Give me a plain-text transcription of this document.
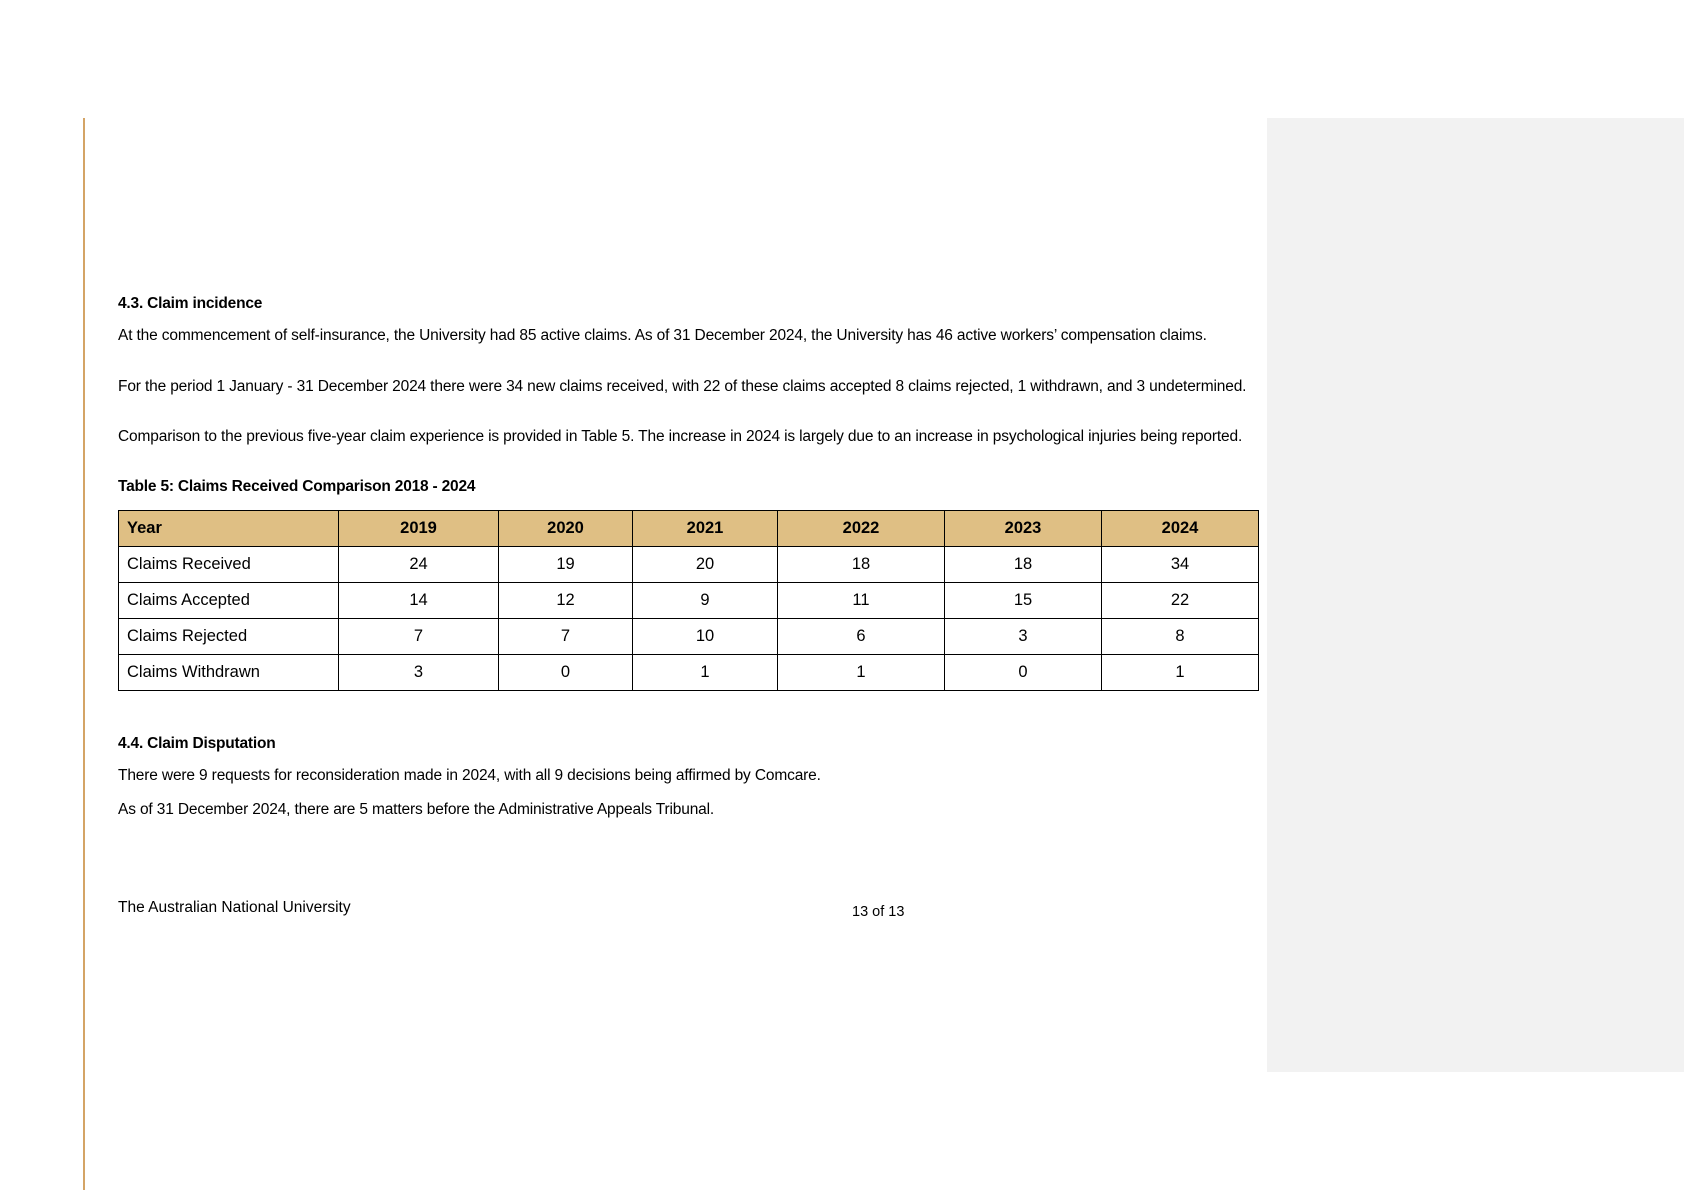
4.3. Claim incidence
At the commencement of self-insurance, the University had 85 active claims. As of 31 December 2024, the University has 46 active workers’ compensation claims.
For the period 1 January - 31 December 2024 there were 34 new claims received, with 22 of these claims accepted 8 claims rejected, 1 withdrawn, and 3 undetermined.
Comparison to the previous five-year claim experience is provided in Table 5. The increase in 2024 is largely due to an increase in psychological injuries being reported.
Table 5: Claims Received Comparison 2018 - 2024
Year	2019	2020	2021	2022	2023	2024
Claims Received	24	19	20	18	18	34
Claims Accepted	14	12	9	11	15	22
Claims Rejected	7	7	10	6	3	8
Claims Withdrawn	3	0	1	1	0	1
4.4. Claim Disputation
There were 9 requests for reconsideration made in 2024, with all 9 decisions being affirmed by Comcare.
As of 31 December 2024, there are 5 matters before the Administrative Appeals Tribunal.
The Australian National University	13 of 13
